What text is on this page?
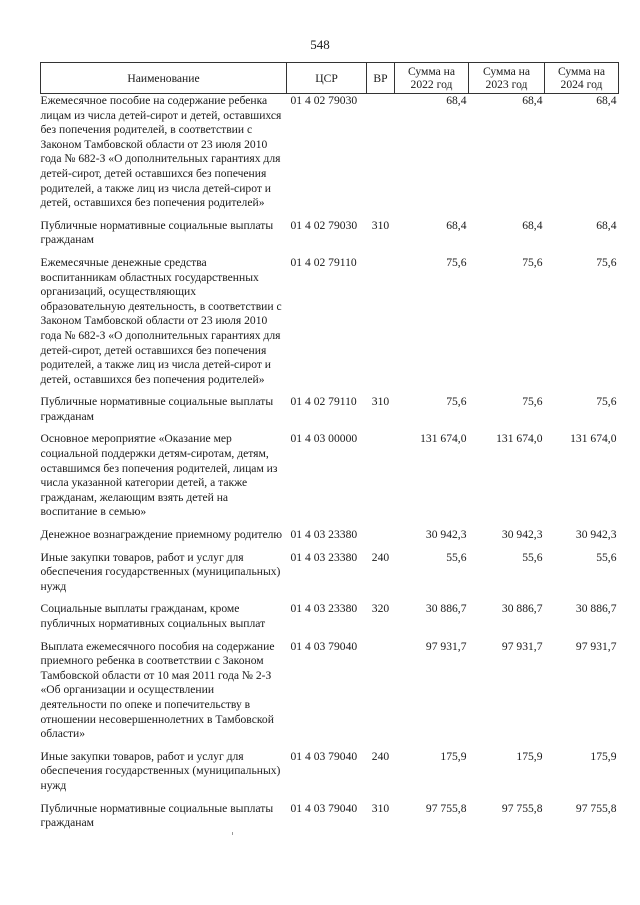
548
Наименование	ЦСР	ВР	Сумма на 2022 год	Сумма на 2023 год	Сумма на 2024 год
Ежемесячное пособие на содержание ребенка лицам из числа детей-сирот и детей, оставшихся без попечения родителей, в соответствии с Законом Тамбовской области от 23 июля 2010 года № 682-З «О дополнительных гарантиях для детей-сирот, детей оставшихся без попечения родителей, а также лиц из числа детей-сирот и детей, оставшихся без попечения родителей»	01 4 02 79030		68,4	68,4	68,4
Публичные нормативные социальные выплаты гражданам	01 4 02 79030	310	68,4	68,4	68,4
Ежемесячные денежные средства воспитанникам областных государственных организаций, осуществляющих образовательную деятельность, в соответствии с Законом Тамбовской области от 23 июля 2010 года № 682-З «О дополнительных гарантиях для детей-сирот, детей оставшихся без попечения родителей, а также лиц из числа детей-сирот и детей, оставшихся без попечения родителей»	01 4 02 79110		75,6	75,6	75,6
Публичные нормативные социальные выплаты гражданам	01 4 02 79110	310	75,6	75,6	75,6
Основное мероприятие «Оказание мер социальной поддержки детям-сиротам, детям, оставшимся без попечения родителей, лицам из числа указанной категории детей, а также гражданам, желающим взять детей на воспитание в семью»	01 4 03 00000		131 674,0	131 674,0	131 674,0
Денежное вознаграждение приемному родителю	01 4 03 23380		30 942,3	30 942,3	30 942,3
Иные закупки товаров, работ и услуг для обеспечения государственных (муниципальных) нужд	01 4 03 23380	240	55,6	55,6	55,6
Социальные выплаты гражданам, кроме публичных нормативных социальных выплат	01 4 03 23380	320	30 886,7	30 886,7	30 886,7
Выплата ежемесячного пособия на содержание приемного ребенка в соответствии с Законом Тамбовской области от 10 мая 2011 года № 2-З «Об организации и осуществлении деятельности по опеке и попечительству в отношении несовершеннолетних в Тамбовской области»	01 4 03 79040		97 931,7	97 931,7	97 931,7
Иные закупки товаров, работ и услуг для обеспечения государственных (муниципальных) нужд	01 4 03 79040	240	175,9	175,9	175,9
Публичные нормативные социальные выплаты гражданам	01 4 03 79040	310	97 755,8	97 755,8	97 755,8
